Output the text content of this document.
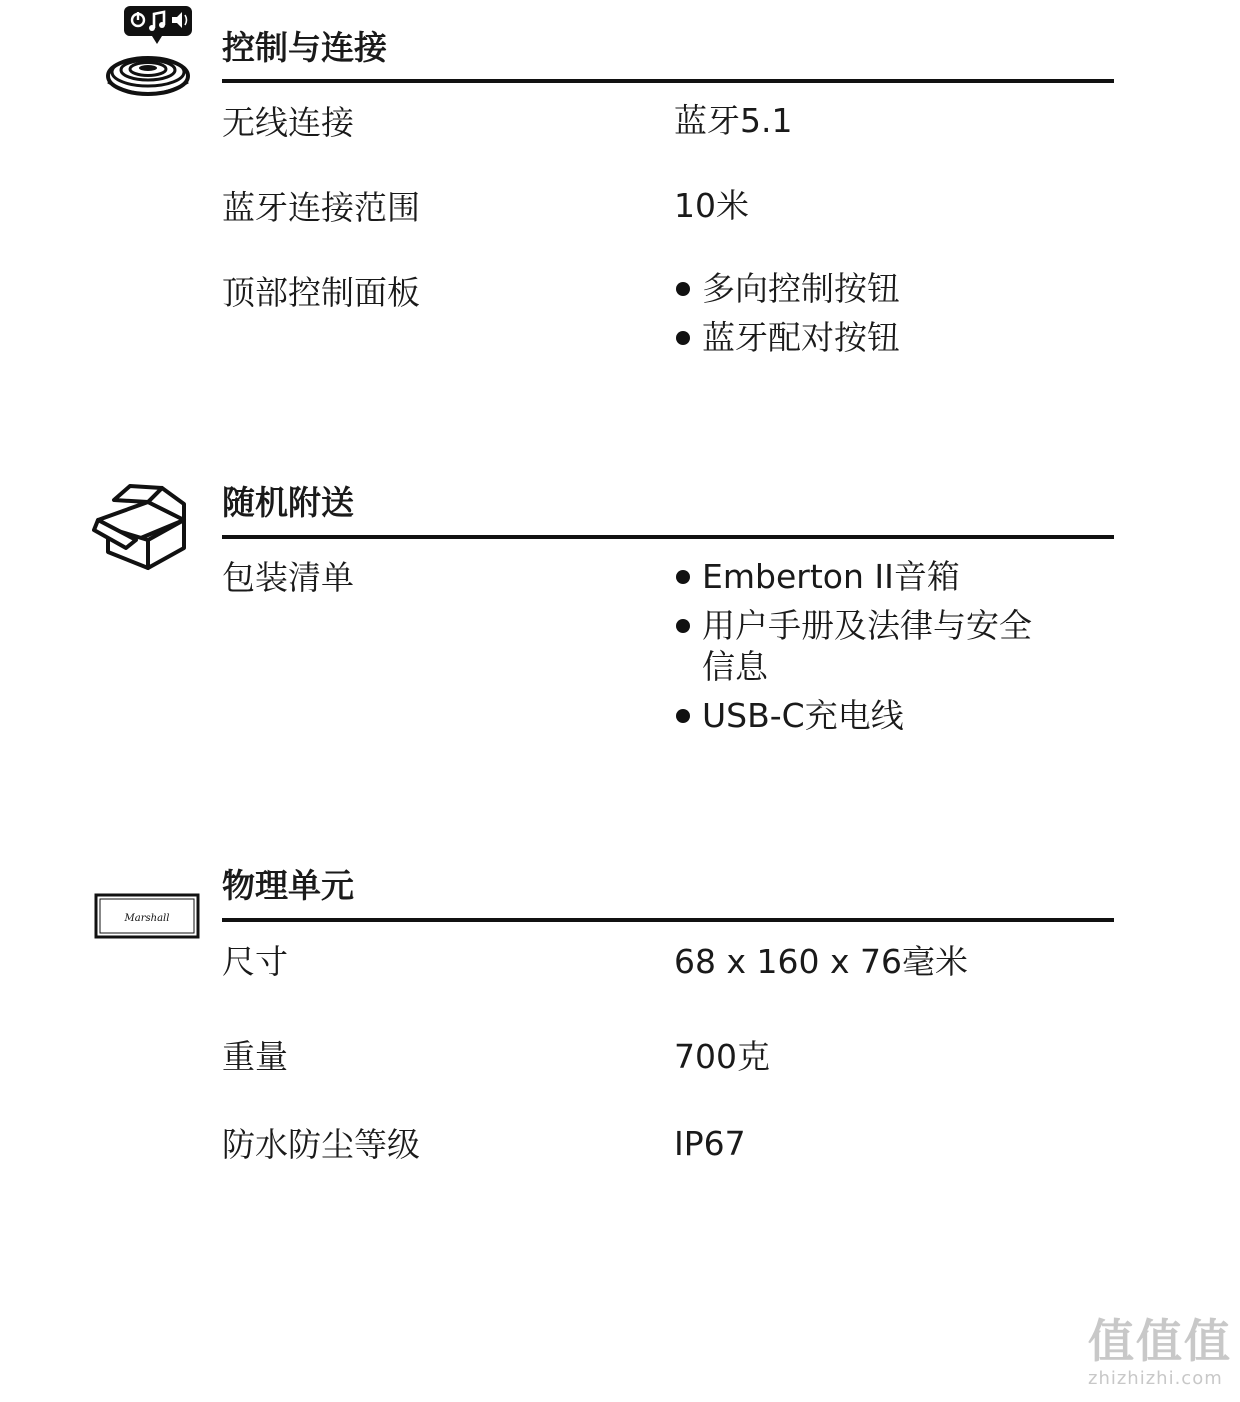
控制与连接
无线连接	蓝牙5.1
蓝牙连接范围	10米
顶部控制面板	多向控制按钮
蓝牙配对按钮
随机附送
包装清单	Emberton II音箱
用户手册及法律与安全信息
USB-C充电线
Marshall
物理单元
尺寸	68 x 160 x 76毫米
重量	700克
防水防尘等级	IP67
值值值
zhizhizhi.com
